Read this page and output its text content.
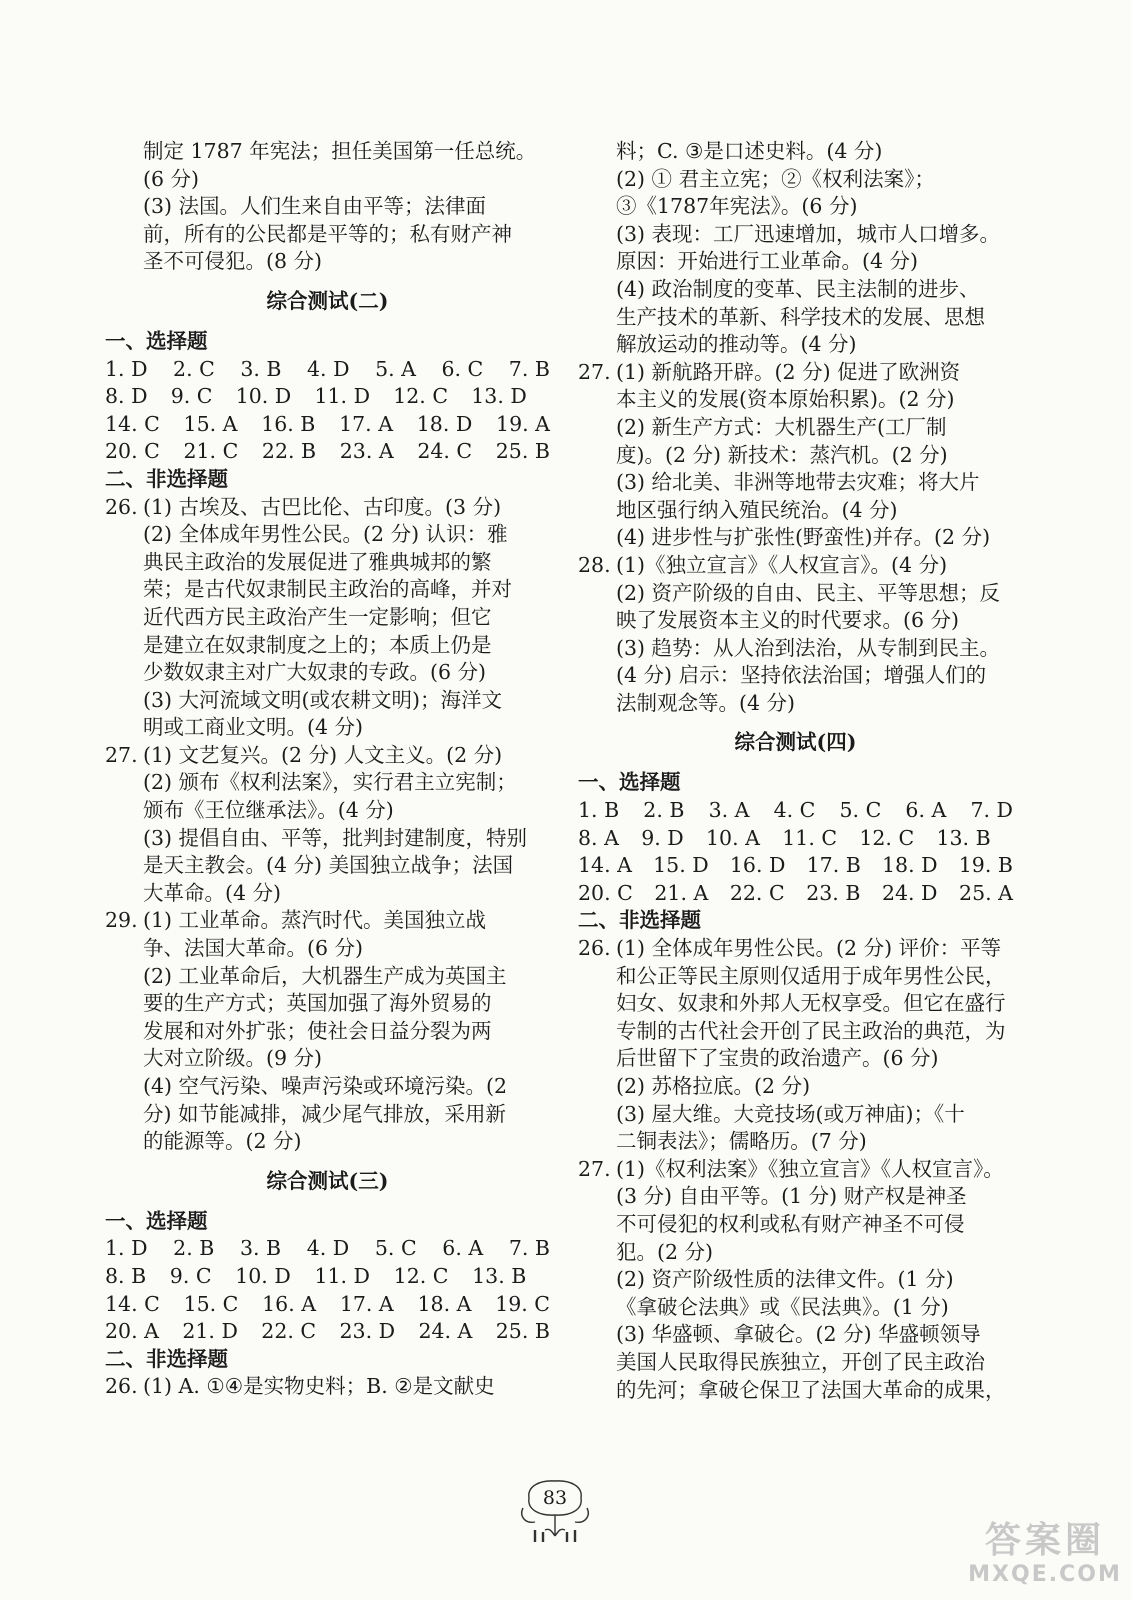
制定 1787 年宪法；担任美国第一任总统。
(6 分)
(3) 法国。人们生来自由平等；法律面
前，所有的公民都是平等的；私有财产神
圣不可侵犯。(8 分)
综合测试(二)
一、选择题
1. D 2. C 3. B 4. D 5. A 6. C 7. B
8. D 9. C 10. D 11. D 12. C 13. D
14. C 15. A 16. B 17. A 18. D 19. A
20. C 21. C 22. B 23. A 24. C 25. B
二、非选择题
26. (1) 古埃及、古巴比伦、古印度。(3 分)
(2) 全体成年男性公民。(2 分) 认识：雅
典民主政治的发展促进了雅典城邦的繁
荣；是古代奴隶制民主政治的高峰，并对
近代西方民主政治产生一定影响；但它
是建立在奴隶制度之上的；本质上仍是
少数奴隶主对广大奴隶的专政。(6 分)
(3) 大河流域文明(或农耕文明)；海洋文
明或工商业文明。(4 分)
27. (1) 文艺复兴。(2 分) 人文主义。(2 分)
(2) 颁布《权利法案》，实行君主立宪制；
颁布《王位继承法》。(4 分)
(3) 提倡自由、平等，批判封建制度，特别
是天主教会。(4 分) 美国独立战争；法国
大革命。(4 分)
29. (1) 工业革命。蒸汽时代。美国独立战
争、法国大革命。(6 分)
(2) 工业革命后，大机器生产成为英国主
要的生产方式；英国加强了海外贸易的
发展和对外扩张；使社会日益分裂为两
大对立阶级。(9 分)
(4) 空气污染、噪声污染或环境污染。(2
分) 如节能减排，减少尾气排放，采用新
的能源等。(2 分)
综合测试(三)
一、选择题
1. D 2. B 3. B 4. D 5. C 6. A 7. B
8. B 9. C 10. D 11. D 12. C 13. B
14. C 15. C 16. A 17. A 18. A 19. C
20. A 21. D 22. C 23. D 24. A 25. B
二、非选择题
26. (1) A. ①④是实物史料；B. ②是文献史
料；C. ③是口述史料。(4 分)
(2) ① 君主立宪；②《权利法案》；
③《1787年宪法》。(6 分)
(3) 表现：工厂迅速增加，城市人口增多。
原因：开始进行工业革命。(4 分)
(4) 政治制度的变革、民主法制的进步、
生产技术的革新、科学技术的发展、思想
解放运动的推动等。(4 分)
27. (1) 新航路开辟。(2 分) 促进了欧洲资
本主义的发展(资本原始积累)。(2 分)
(2) 新生产方式：大机器生产(工厂制
度)。(2 分) 新技术：蒸汽机。(2 分)
(3) 给北美、非洲等地带去灾难；将大片
地区强行纳入殖民统治。(4 分)
(4) 进步性与扩张性(野蛮性)并存。(2 分)
28. (1)《独立宣言》《人权宣言》。(4 分)
(2) 资产阶级的自由、民主、平等思想；反
映了发展资本主义的时代要求。(6 分)
(3) 趋势：从人治到法治，从专制到民主。
(4 分) 启示：坚持依法治国；增强人们的
法制观念等。(4 分)
综合测试(四)
一、选择题
1. B 2. B 3. A 4. C 5. C 6. A 7. D
8. A 9. D 10. A 11. C 12. C 13. B
14. A 15. D 16. D 17. B 18. D 19. B
20. C 21. A 22. C 23. B 24. D 25. A
二、非选择题
26. (1) 全体成年男性公民。(2 分) 评价：平等
和公正等民主原则仅适用于成年男性公民，
妇女、奴隶和外邦人无权享受。但它在盛行
专制的古代社会开创了民主政治的典范，为
后世留下了宝贵的政治遗产。(6 分)
(2) 苏格拉底。(2 分)
(3) 屋大维。大竞技场(或万神庙)；《十
二铜表法》；儒略历。(7 分)
27. (1)《权利法案》《独立宣言》《人权宣言》。
(3 分) 自由平等。(1 分) 财产权是神圣
不可侵犯的权利或私有财产神圣不可侵
犯。(2 分)
(2) 资产阶级性质的法律文件。(1 分)
《拿破仑法典》或《民法典》。(1 分)
(3) 华盛顿、拿破仑。(2 分) 华盛顿领导
美国人民取得民族独立，开创了民主政治
的先河；拿破仑保卫了法国大革命的成果，
83
答案圈
MXQE.COM
